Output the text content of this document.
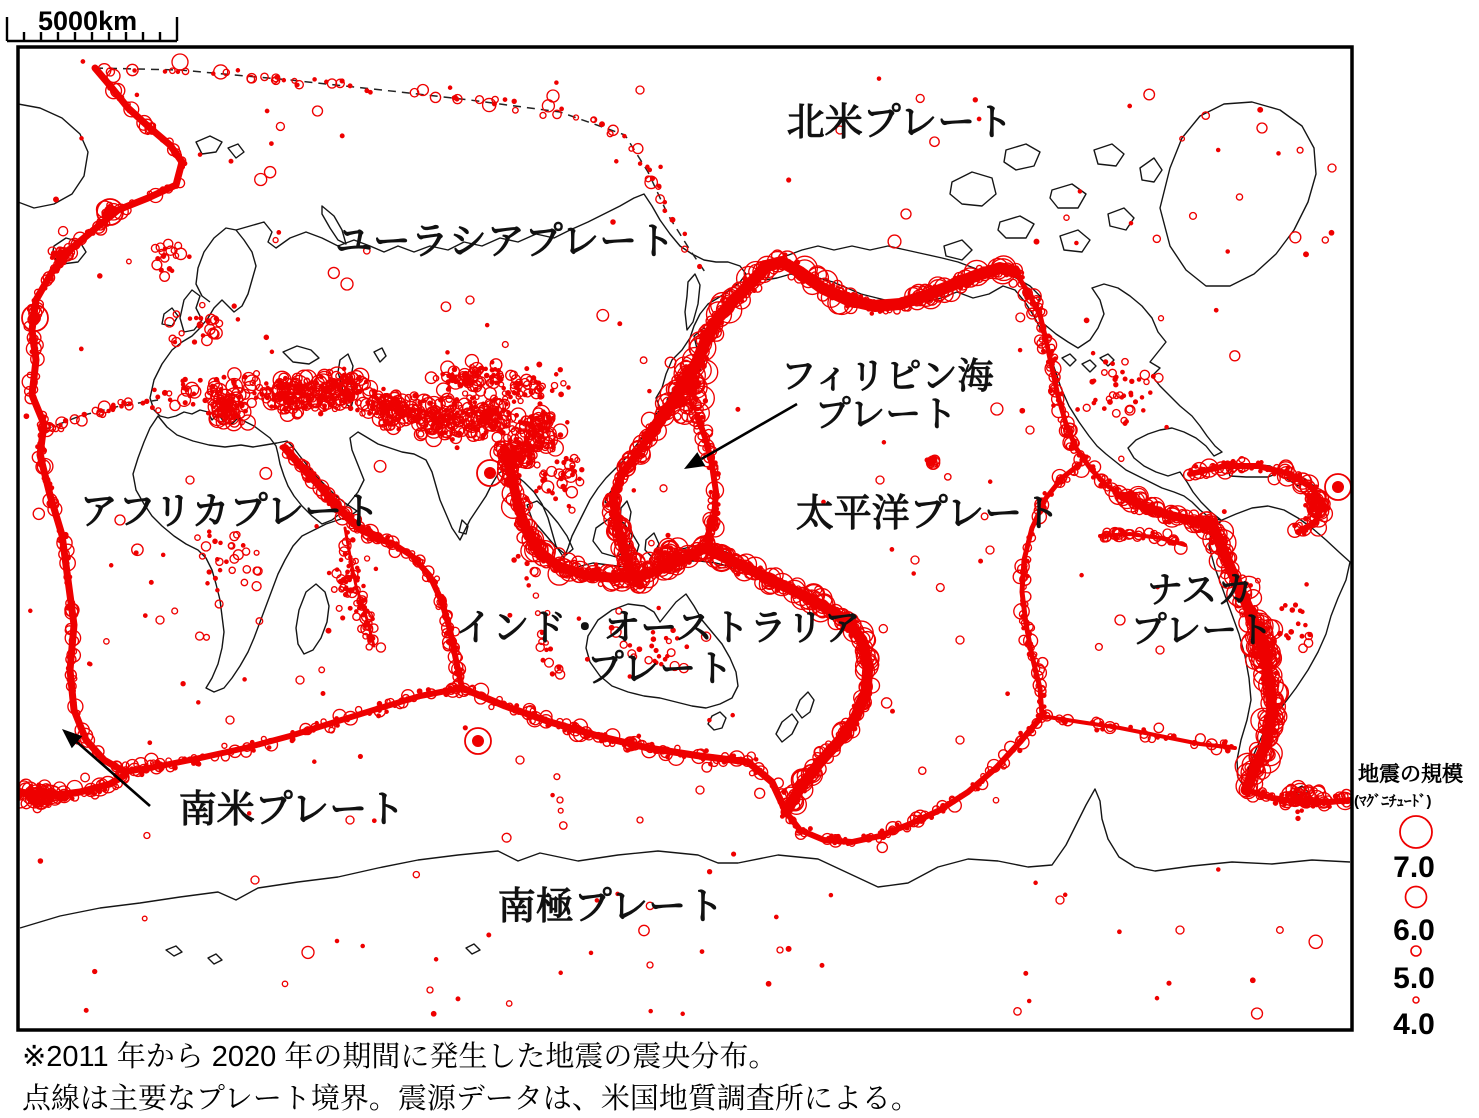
北米プレート
ユーラシアプレート
フィリピン海
プレート
太平洋プレート
アフリカプレート
インド・オーストラリア
プレート
ナスカ
プレート
南米プレート
南極プレート
5000km
地震の規模
(ﾏｸﾞﾆﾁｭｰﾄﾞ)
7.0
6.0
5.0
4.0
※2011 年から 2020 年の期間に発生した地震の震央分布。
点線は主要なプレート境界。震源データは、米国地質調査所による。
